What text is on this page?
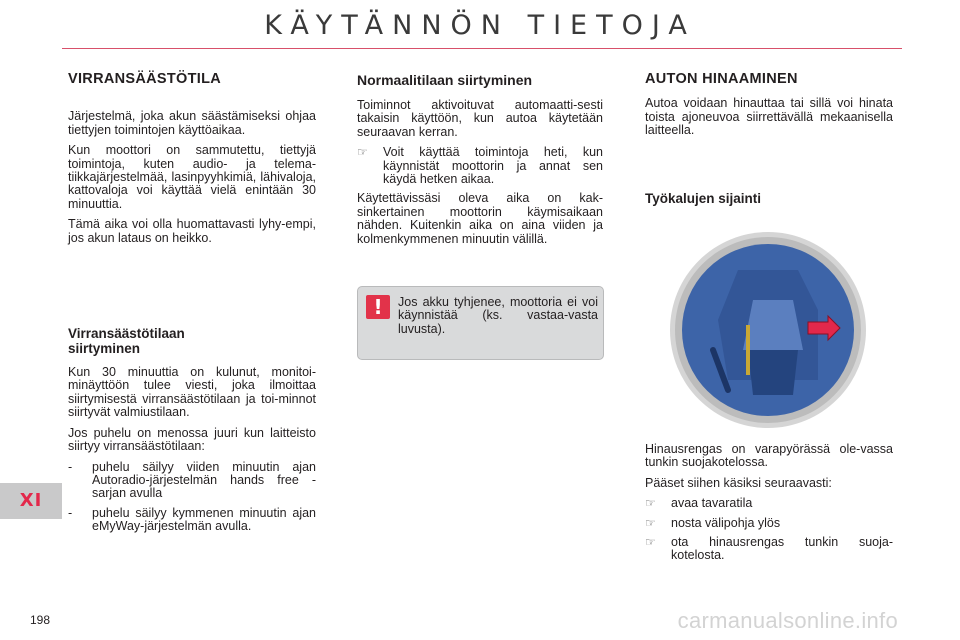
KÄYTÄNNÖN TIETOJA
VIRRANSÄÄSTÖTILA

Järjestelmä, joka akun säästämiseksi ohjaa tiettyjen toimintojen käyttöaikaa.

Kun moottori on sammutettu, tiettyjä toimintoja, kuten audio- ja telema-tiikkajärjestelmää, lasinpyyhkimiä, lähivaloja, kattovaloja voi käyttää vielä enintään 30 minuuttia.

Tämä aika voi olla huomattavasti lyhy-empi, jos akun lataus on heikko.

Virransäästötilaan siirtyminen

Kun 30 minuuttia on kulunut, monitoi-minäyttöön tulee viesti, joka ilmoittaa siirtymisestä virransäästötilaan ja toi-minnot siirtyvät valmiustilaan.

Jos puhelu on menossa juuri kun laitteisto siirtyy virransäästötilaan:

-	puhelu säilyy viiden minuutin ajan Autoradio-järjestelmän hands free -sarjan avulla
-	puhelu säilyy kymmenen minuutin ajan eMyWay-järjestelmän avulla.
Normaalitilaan siirtyminen

Toiminnot aktivoituvat automaatti-sesti takaisin käyttöön, kun autoa käytetään seuraavan kerran.

☞	Voit käyttää toimintoja heti, kun käynnistät moottorin ja annat sen käydä hetken aikaa.

Käytettävissäsi oleva aika on kak-sinkertainen moottorin käymisaikaan nähden. Kuitenkin aika on aina viiden ja kolmenkymmenen minuutin välillä.

!	Jos akku tyhjenee, moottoria ei voi käynnistää (ks. vastaa-vasta luvusta).
AUTON HINAAMINEN

Autoa voidaan hinauttaa tai sillä voi hinata toista ajoneuvoa siirrettävällä mekaanisella laitteella.

Työkalujen sijainti

Hinausrengas on varapyörässä ole-vassa tunkin suojakotelossa.

Pääset siihen käsiksi seuraavasti:

☞	avaa tavaratila
☞	nosta välipohja ylös
☞	ota hinausrengas tunkin suoja-kotelosta.
XI
198	carmanualsonline.info
